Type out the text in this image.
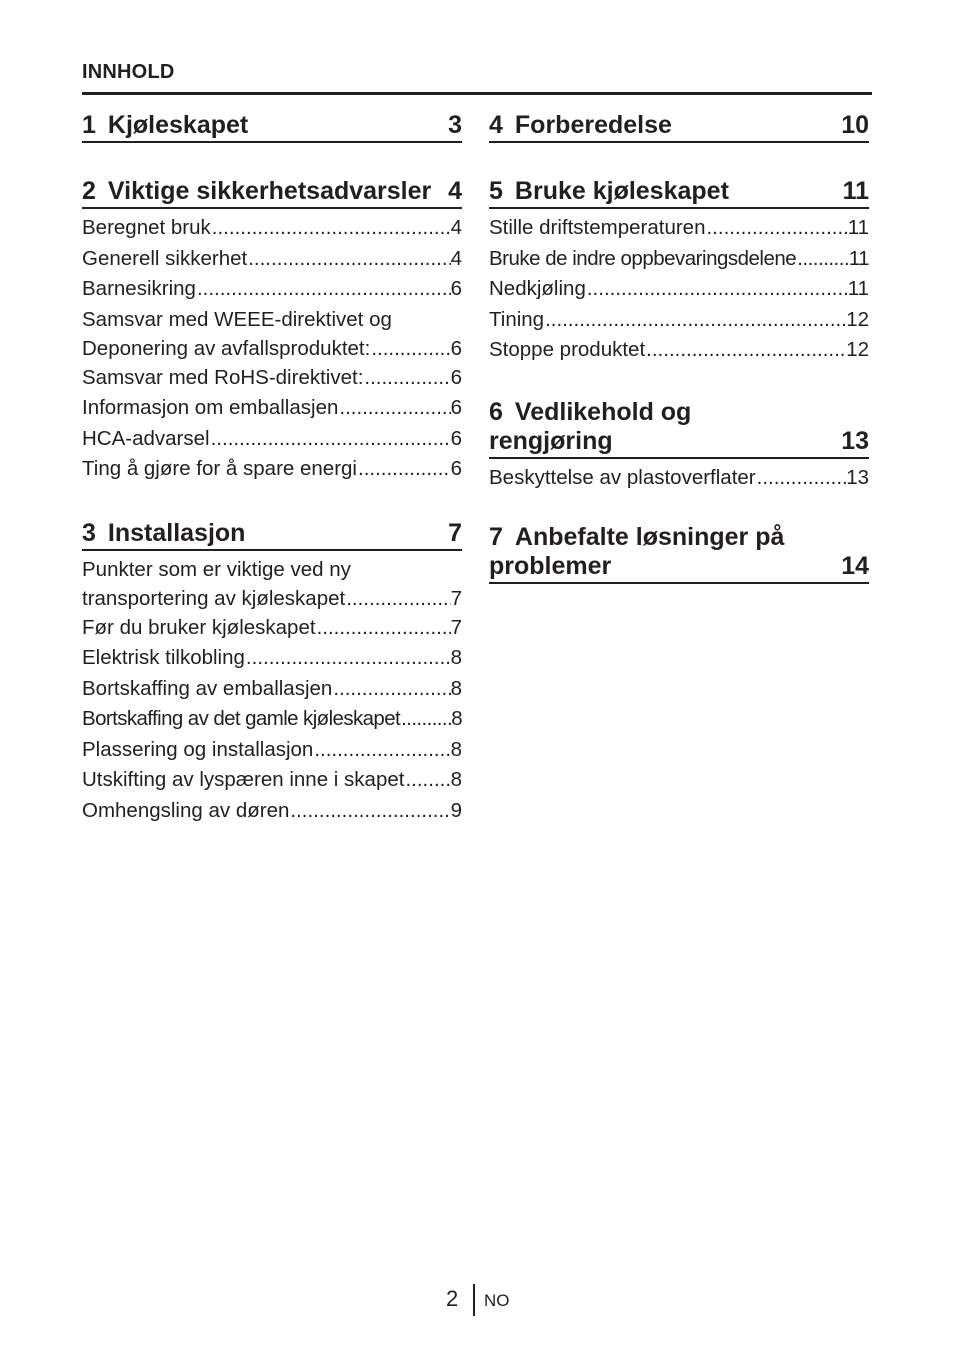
INNHOLD
1 Kjøleskapet	3
2 Viktige sikkerhetsadvarsler 4
Beregnet bruk .....	4
Generell sikkerhet .....	4
Barnesikring .....	6
Samsvar med WEEE-direktivet og
Deponering av avfallsproduktet: .....	6
Samsvar med RoHS-direktivet: .....	6
Informasjon om emballasjen .....	6
HCA-advarsel .....	6
Ting å gjøre for å spare energi .....	6
3 Installasjon	7
Punkter som er viktige ved ny
transportering av kjøleskapet .....	7
Før du bruker kjøleskapet .....	7
Elektrisk tilkobling .....	8
Bortskaffing av emballasjen .....	8
Bortskaffing av det gamle kjøleskapet ..... 8
Plassering og installasjon .....	8
Utskifting av lyspæren inne i skapet ..... 8
Omhengsling av døren .....	9
4 Forberedelse	10
5 Bruke kjøleskapet	11
Stille driftstemperaturen .....	11
Bruke de indre oppbevaringsdelene .....	11
Nedkjøling .....	11
Tining .....	12
Stoppe produktet .....	12
6 Vedlikehold og rengjøring	13
Beskyttelse av plastoverflater .....	13
7 Anbefalte løsninger på problemer	14
2 NO
